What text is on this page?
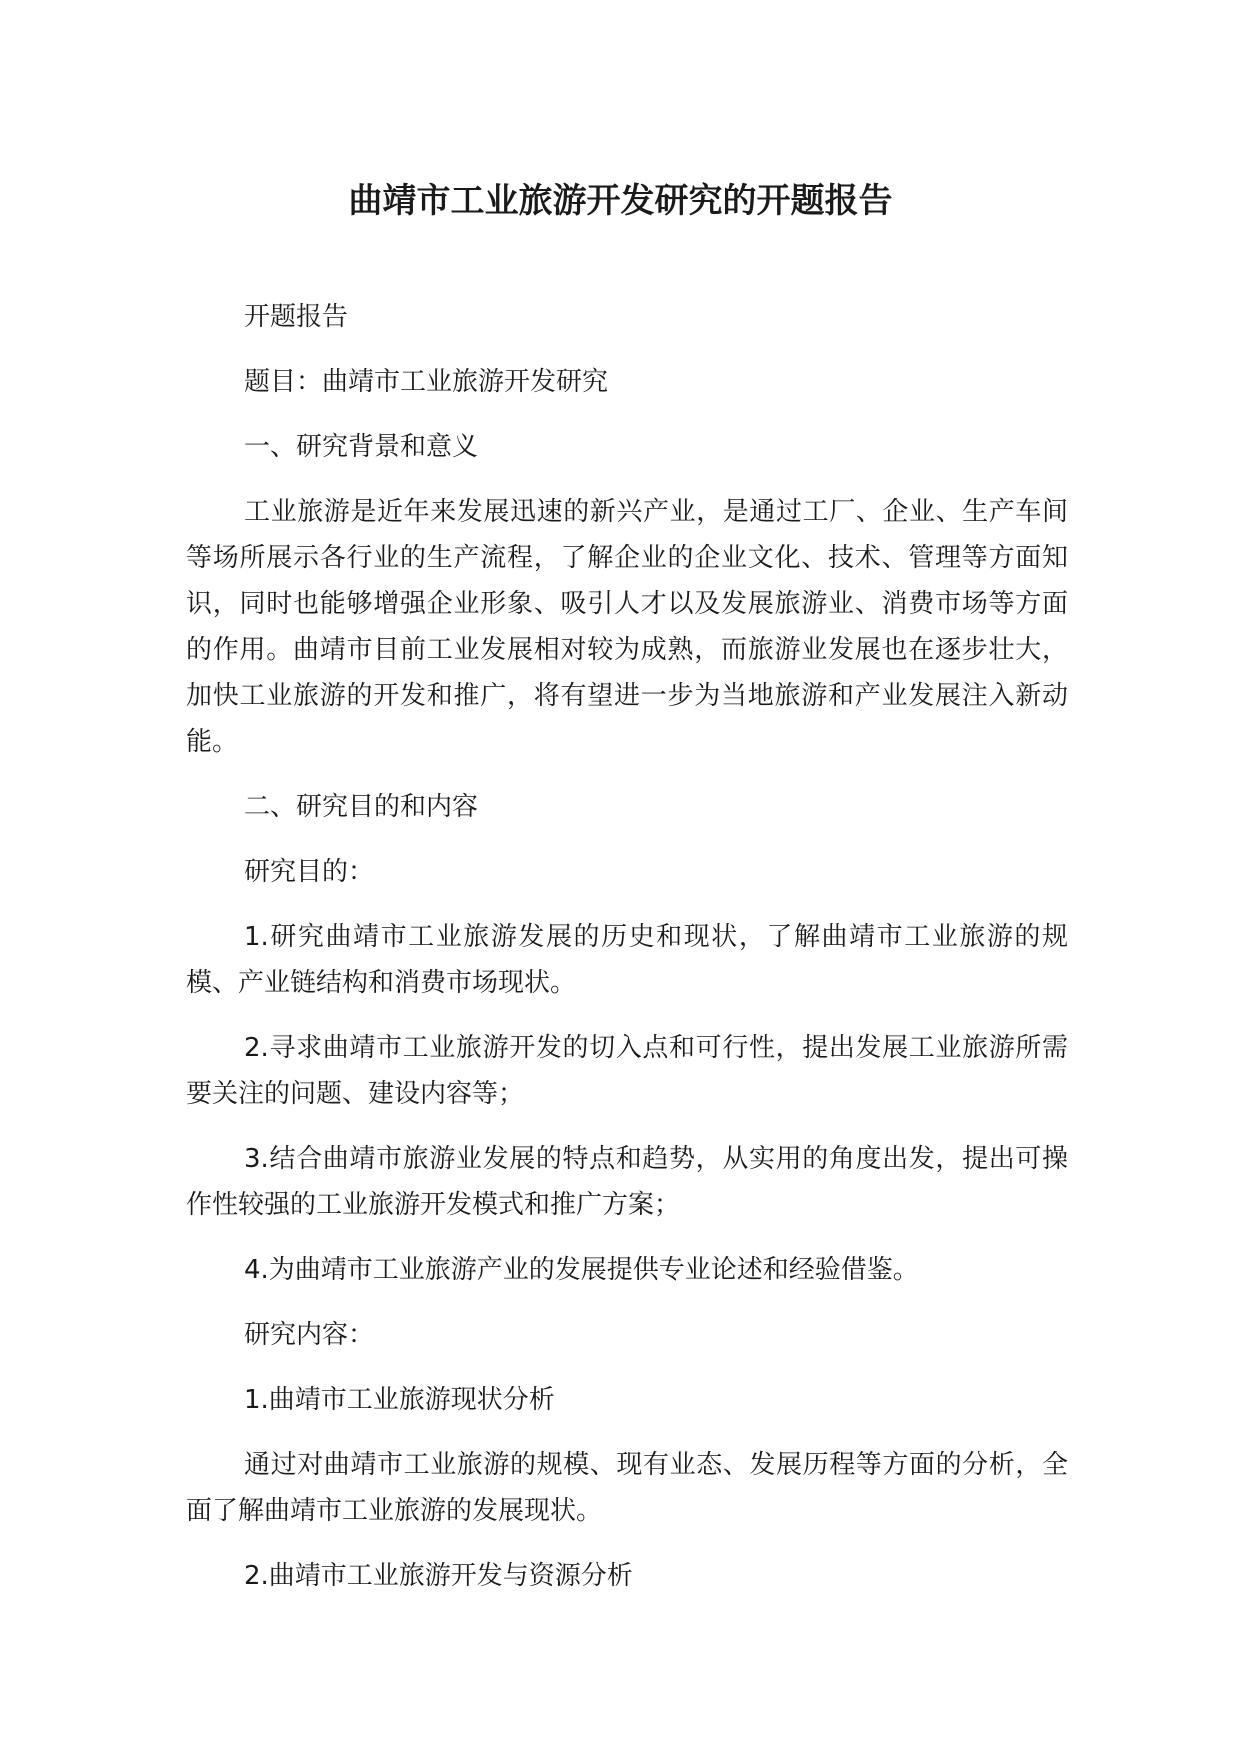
曲靖市工业旅游开发研究的开题报告

开题报告

题目：曲靖市工业旅游开发研究

一、研究背景和意义

工业旅游是近年来发展迅速的新兴产业，是通过工厂、企业、生产车间等场所展示各行业的生产流程，了解企业的企业文化、技术、管理等方面知识，同时也能够增强企业形象、吸引人才以及发展旅游业、消费市场等方面的作用。曲靖市目前工业发展相对较为成熟，而旅游业发展也在逐步壮大，加快工业旅游的开发和推广，将有望进一步为当地旅游和产业发展注入新动能。

二、研究目的和内容

研究目的：

1.研究曲靖市工业旅游发展的历史和现状，了解曲靖市工业旅游的规模、产业链结构和消费市场现状。

2.寻求曲靖市工业旅游开发的切入点和可行性，提出发展工业旅游所需要关注的问题、建设内容等；

3.结合曲靖市旅游业发展的特点和趋势，从实用的角度出发，提出可操作性较强的工业旅游开发模式和推广方案；

4.为曲靖市工业旅游产业的发展提供专业论述和经验借鉴。

研究内容：

1.曲靖市工业旅游现状分析

通过对曲靖市工业旅游的规模、现有业态、发展历程等方面的分析，全面了解曲靖市工业旅游的发展现状。

2.曲靖市工业旅游开发与资源分析
